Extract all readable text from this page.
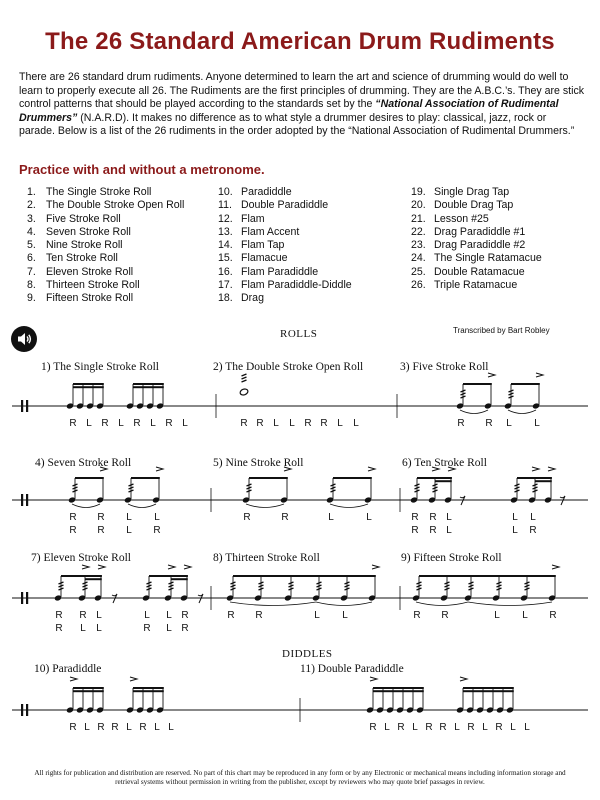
The 26 Standard American Drum Rudiments
There are 26 standard drum rudiments. Anyone determined to learn the art and science of drumming would do well to learn to properly execute all 26. The Rudiments are the first principles of drumming. They are the A.B.C.’s. They are stick control patterns that should be played according to the standards set by the “National Association of Rudimental Drummers” (N.A.R.D). It makes no difference as to what style a drummer desires to play: classical, jazz, rock or parade. Below is a list of the 26 rudiments in the order adopted by the “National Association of Rudimental Drummers.”
Practice with and without a metronome.
1. The Single Stroke Roll
2. The Double Stroke Open Roll
3. Five Stroke Roll
4. Seven Stroke Roll
5. Nine Stroke Roll
6. Ten Stroke Roll
7. Eleven Stroke Roll
8. Thirteen Stroke Roll
9. Fifteen Stroke Roll
10. Paradiddle
11. Double Paradiddle
12. Flam
13. Flam Accent
14. Flam Tap
15. Flamacue
16. Flam Paradiddle
17. Flam Paradiddle-Diddle
18. Drag
19. Single Drag Tap
20. Double Drag Tap
21. Lesson #25
22. Drag Paradiddle #1
23. Drag Paradiddle #2
24. The Single Ratamacue
25. Double Ratamacue
26. Triple Ratamacue
ROLLS	Transcribed by Bart Robley
DIDDLES
1) The Single Stroke Roll	2) The Double Stroke Open Roll	3) Five Stroke Roll
4) Seven Stroke Roll	5) Nine Stroke Roll	6) Ten Stroke Roll
7) Eleven Stroke Roll	8) Thirteen Stroke Roll	9) Fifteen Stroke Roll
10) Paradiddle	11) Double Paradiddle
R L R L R L R L	R R L L R R L L	R R L L
R R L L
R R L R
R	R	L	L	R R L	L L
R R L	L R
R R L	L L R
R L L	R L R
R R	L L	R R	L L R
R L R R L R L L	R L R L R R L R L R L L
All rights for publication and distribution are reserved. No part of this chart may be reproduced in any form or by any Electronic or mechanical means including information storage and retrieval systems without permission in writing from the publisher, except by reviewers who may quote brief passages in review.
